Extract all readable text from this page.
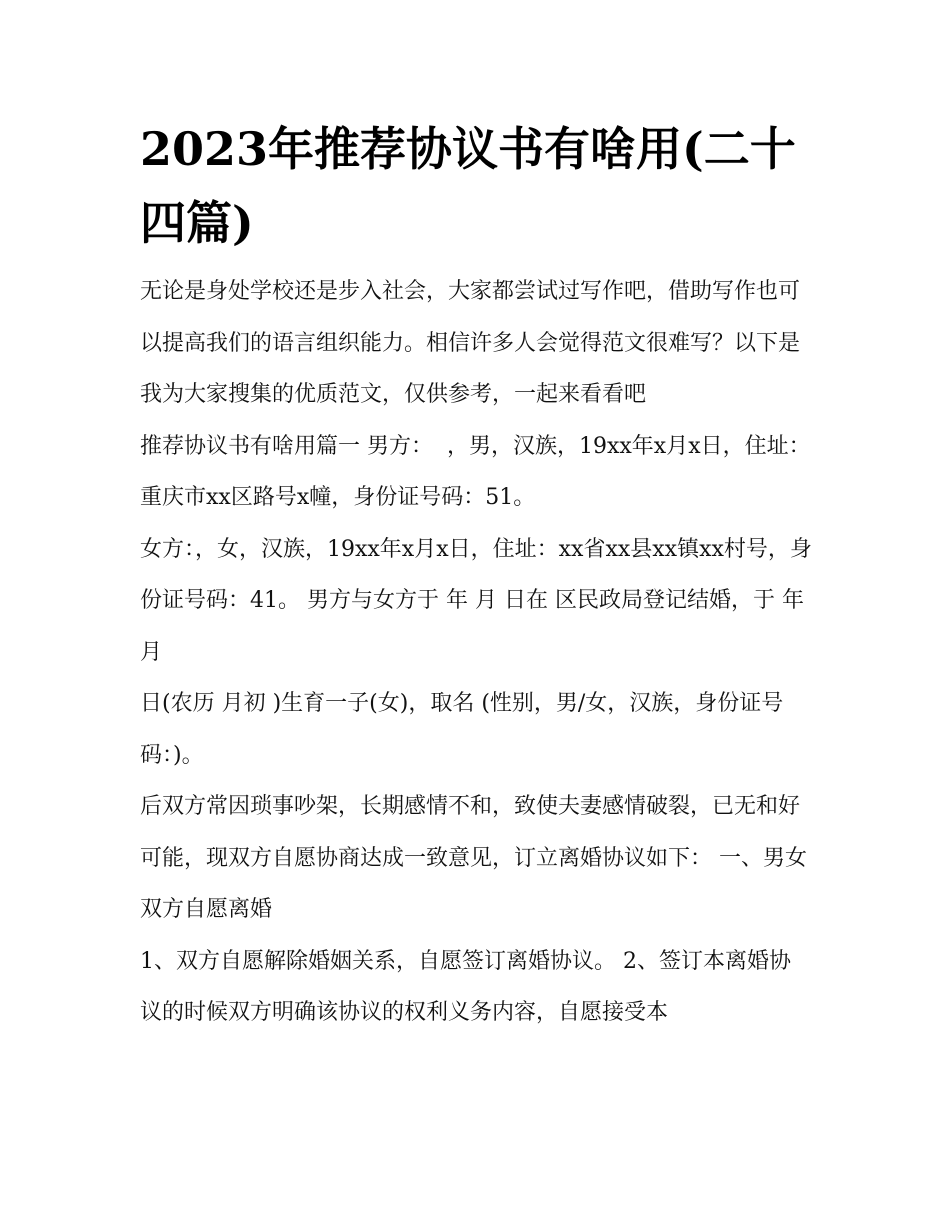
2023年推荐协议书有啥用(二十四篇)

无论是身处学校还是步入社会，大家都尝试过写作吧，借助写作也可以提高我们的语言组织能力。相信许多人会觉得范文很难写？以下是我为大家搜集的优质范文，仅供参考，一起来看看吧

推荐协议书有啥用篇一 男方：  ，男，汉族，19xx年x月x日，住址：重庆市xx区路号x幢，身份证号码：51。

女方：，女，汉族，19xx年x月x日，住址：xx省xx县xx镇xx村号，身份证号码：41。 男方与女方于 年 月 日在 区民政局登记结婚，于 年 月

日(农历 月初 )生育一子(女)，取名 (性别，男/女，汉族，身份证号码：)。

后双方常因琐事吵架，长期感情不和，致使夫妻感情破裂，已无和好可能，现双方自愿协商达成一致意见，订立离婚协议如下： 一、男女双方自愿离婚

1、双方自愿解除婚姻关系，自愿签订离婚协议。 2、签订本离婚协议的时候双方明确该协议的权利义务内容，自愿接受本
